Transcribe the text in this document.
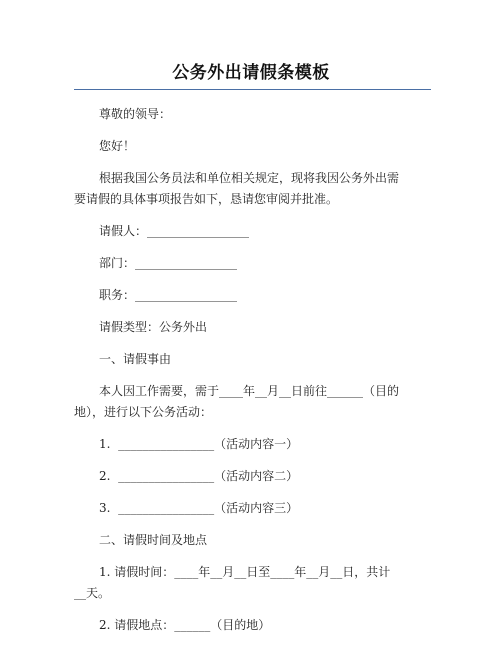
公务外出请假条模板

尊敬的领导：

您好！

根据我国公务员法和单位相关规定，现将我因公务外出需

要请假的具体事项报告如下，恳请您审阅并批准。

请假人：_________________

部门：_________________

职务：_________________

请假类型：公务外出

一、请假事由

本人因工作需要，需于____年__月__日前往______（目的

地），进行以下公务活动：

1.  ________________（活动内容一）

2.  ________________（活动内容二）

3.  ________________（活动内容三）

二、请假时间及地点

1. 请假时间：____年__月__日至____年__月__日，共计

__天。

2. 请假地点：______（目的地）
